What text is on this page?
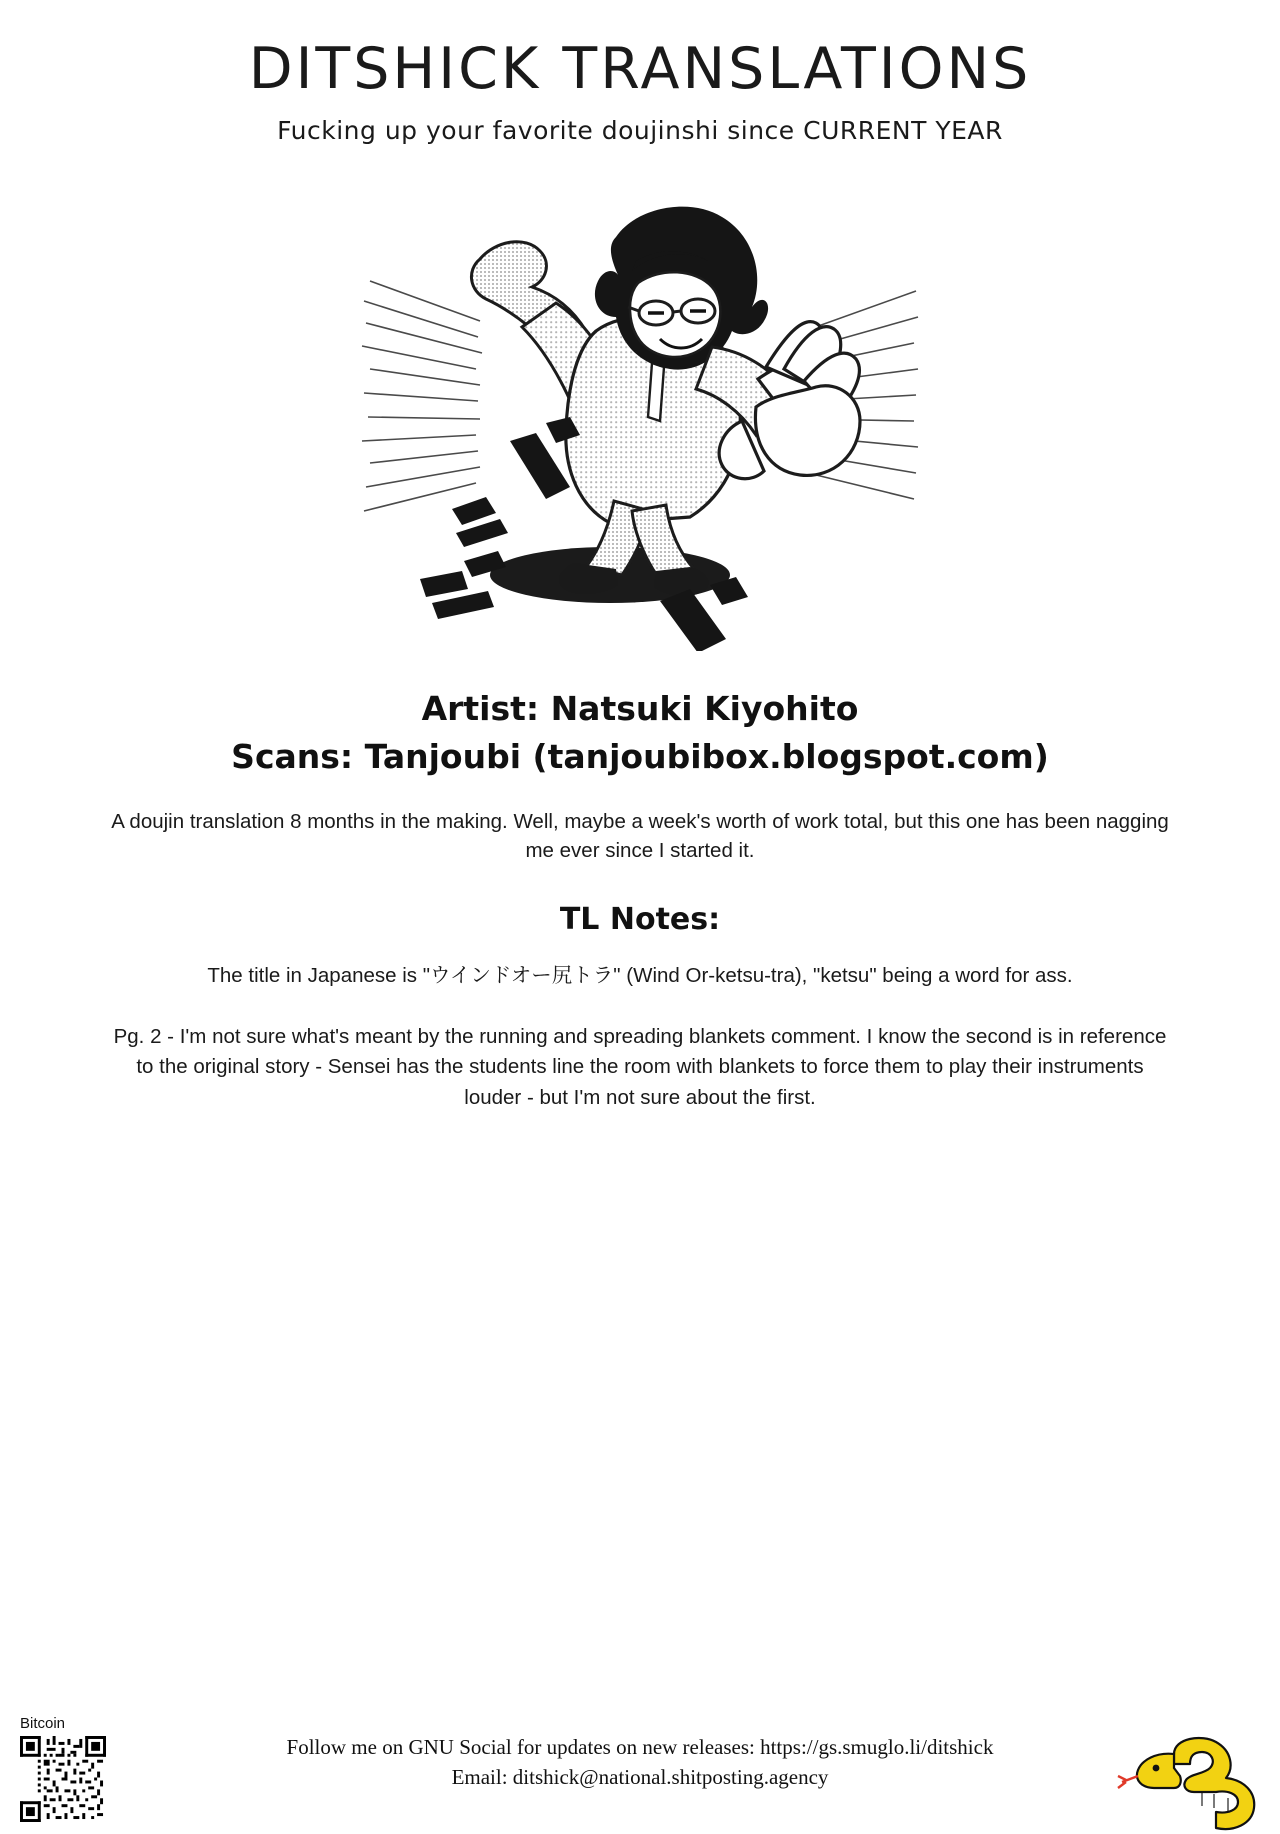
DITSHICK TRANSLATIONS
Fucking up your favorite doujinshi since CURRENT YEAR
Artist: Natsuki Kiyohito
Scans: Tanjoubi (tanjoubibox.blogspot.com)
A doujin translation 8 months in the making. Well, maybe a week's worth of work total, but this one has been nagging me ever since I started it.
TL Notes:
The title in Japanese is "ウインドオー尻トラ" (Wind Or-ketsu-tra), "ketsu" being a word for ass.
Pg. 2 - I'm not sure what's meant by the running and spreading blankets comment. I know the second is in reference to the original story - Sensei has the students line the room with blankets to force them to play their instruments louder - but I'm not sure about the first.
Bitcoin
Follow me on GNU Social for updates on new releases: https://gs.smuglo.li/ditshick
Email: ditshick@national.shitposting.agency
